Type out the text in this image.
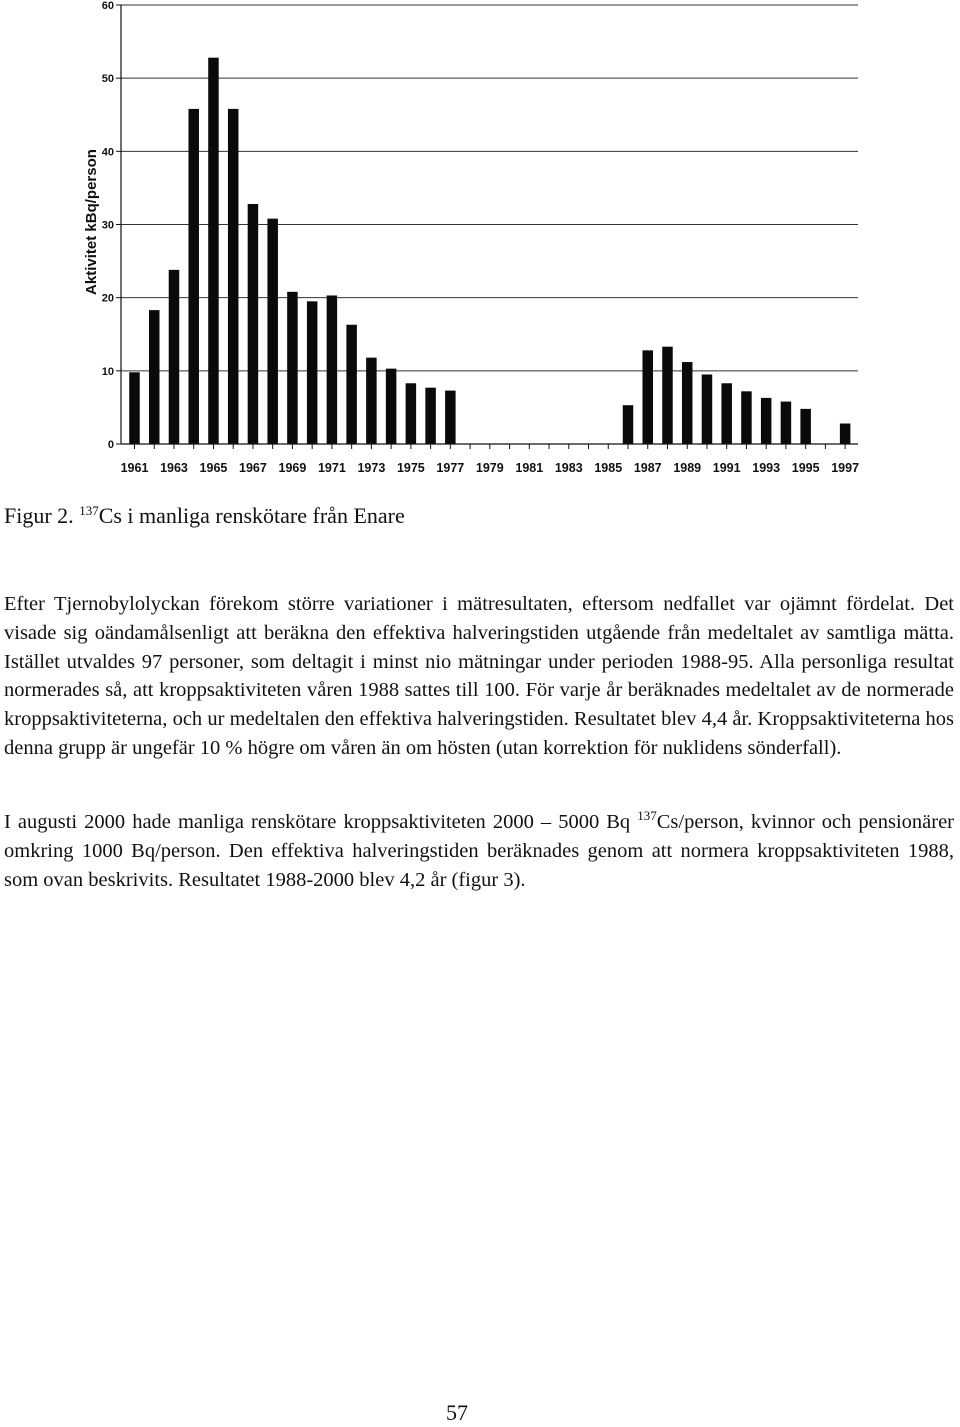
0
10
20
30
40
50
60
1961 1963 1965 1967 1969 1971 1973 1975 1977 1979 1981 1983 1985 1987 1989 1991 1993 1995 1997
Aktivitet kBq/person
Figur 2. $^{137}$Cs i manliga renskötare från Enare

Efter Tjernobylolyckan förekom större variationer i mätresultaten, eftersom nedfallet var ojämnt fördelat. Det visade sig oändamålsenligt att beräkna den effektiva halveringstiden utgående från medeltalet av samtliga mätta. Istället utvaldes 97 personer, som deltagit i minst nio mätningar under perioden 1988-95. Alla personliga resultat normerades så, att kroppsaktiviteten våren 1988 sattes till 100. För varje år beräknades medeltalet av de normerade kroppsaktiviteterna, och ur medeltalen den effektiva halveringstiden. Resultatet blev 4,4 år. Kroppsaktiviteterna hos denna grupp är ungefär 10 % högre om våren än om hösten (utan korrektion för nuklidens sönderfall).

I augusti 2000 hade manliga renskötare kroppsaktiviteten 2000 – 5000 Bq $^{137}$Cs/person, kvinnor och pensionärer omkring 1000 Bq/person. Den effektiva halveringstiden beräknades genom att normera kroppsaktiviteten 1988, som ovan beskrivits. Resultatet 1988-2000 blev 4,2 år (figur 3).

57
